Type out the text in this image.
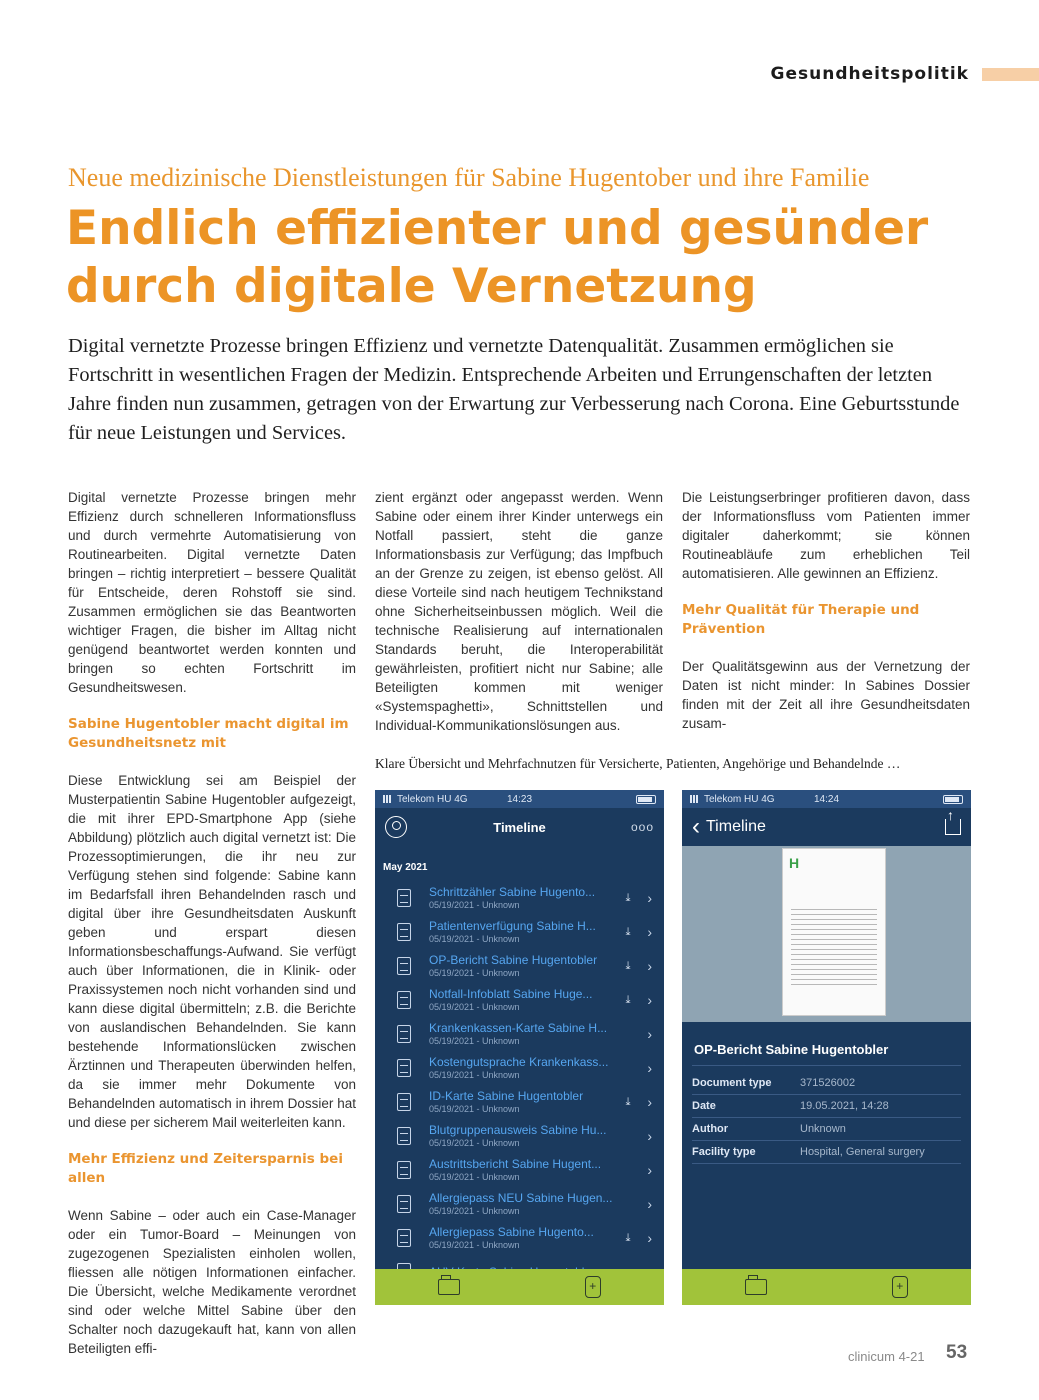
Gesundheitspolitik
Neue medizinische Dienstleistungen für Sabine Hugentober und ihre Familie
Endlich effizienter und gesünder
durch digitale Vernetzung

Digital vernetzte Prozesse bringen Effizienz und vernetzte Datenqualität. Zusammen ermöglichen sie Fortschritt in wesentlichen Fragen der Medizin. Entsprechende Arbeiten und Errungenschaften der letzten Jahre finden nun zusammen, getragen von der Erwartung zur Verbesserung nach Corona. Eine Geburtsstunde für neue Leistungen und Services.

Digital vernetzte Prozesse bringen mehr Effizienz durch schnelleren Informationsfluss und durch vermehrte Automatisierung von Routinearbeiten. Digital vernetzte Daten bringen – richtig interpretiert – bessere Qualität für Entscheide, deren Rohstoff sie sind. Zusammen ermöglichen sie das Beantworten wichtiger Fragen, die bisher im Alltag nicht genügend beantwortet werden konnten und bringen so echten Fortschritt im Gesundheitswesen.

Sabine Hugentobler macht digital im Gesundheitsnetz mit

Diese Entwicklung sei am Beispiel der Musterpatientin Sabine Hugentobler aufgezeigt, die mit ihrer EPD-Smartphone App (siehe Abbildung) plötzlich auch digital vernetzt ist: Die Prozessoptimierungen, die ihr neu zur Verfügung stehen sind folgende: Sabine kann im Bedarfsfall ihren Behandelnden rasch und digital über ihre Gesundheitsdaten Auskunft geben und erspart diesen Informationsbeschaffungs-Aufwand. Sie verfügt auch über Informationen, die in Klinik- oder Praxissystemen noch nicht vorhanden sind und kann diese digital übermitteln; z.B. die Berichte von auslandischen Behandelnden. Sie kann bestehende Informationslücken zwischen Ärztinnen und Therapeuten überwinden helfen, da sie immer mehr Dokumente von Behandelnden automatisch in ihrem Dossier hat und diese per sicherem Mail weiterleiten kann.

Mehr Effizienz und Zeitersparnis bei allen

Wenn Sabine – oder auch ein Case-Manager oder ein Tumor-Board – Meinungen von zugezogenen Spezialisten einholen wollen, fliessen alle nötigen Informationen einfacher. Die Übersicht, welche Medikamente verordnet sind oder welche Mittel Sabine über den Schalter noch dazugekauft hat, kann von allen Beteiligten effi-

zient ergänzt oder angepasst werden. Wenn Sabine oder einem ihrer Kinder unterwegs ein Notfall passiert, steht die ganze Informationsbasis zur Verfügung; das Impfbuch an der Grenze zu zeigen, ist ebenso gelöst. All diese Vorteile sind nach heutigem Technikstand ohne Sicherheitseinbussen möglich. Weil die technische Realisierung auf internationalen Standards beruht, die Interoperabilität gewährleisten, profitiert nicht nur Sabine; alle Beteiligten kommen mit weniger «Systemspaghetti», Schnittstellen und Individual-Kommunikationslösungen aus.

Die Leistungserbringer profitieren davon, dass der Informationsfluss vom Patienten immer digitaler daherkommt; sie können Routineabläufe zum erheblichen Teil automatisieren. Alle gewinnen an Effizienz.

Mehr Qualität für Therapie und Prävention

Der Qualitätsgewinn aus der Vernetzung der Daten ist nicht minder: In Sabines Dossier finden mit der Zeit all ihre Gesundheitsdaten zusam-

Klare Übersicht und Mehrfachnutzen für Versicherte, Patienten, Angehörige und Behandelnde …
Telekom HU 4G	14:23
Timeline	ooo
May 2021
Schrittzähler Sabine Hugento...
05/19/2021 - Unknown
⤓	›
Patientenverfügung Sabine H...
05/19/2021 - Unknown
⤓	›
OP-Bericht Sabine Hugentobler
05/19/2021 - Unknown
⤓	›
Notfall-Infoblatt Sabine Huge...
05/19/2021 - Unknown
⤓	›
Krankenkassen-Karte Sabine H...
05/19/2021 - Unknown	›
Kostengutsprache Krankenkass...
05/19/2021 - Unknown	›
ID-Karte Sabine Hugentobler
05/19/2021 - Unknown
⤓	›
Blutgruppenausweis Sabine Hu...
05/19/2021 - Unknown	›
Austrittsbericht Sabine Hugent...
05/19/2021 - Unknown	›
Allergiepass NEU Sabine Hugen...
05/19/2021 - Unknown	›
Allergiepass Sabine Hugento...
05/19/2021 - Unknown
⤓	›
+
Telekom HU 4G	14:24
‹ Timeline
↑
H
OP-Bericht Sabine Hugentobler
Document type	371526002
Date	19.05.2021, 14:28
Author	Unknown
Facility type	Hospital, General surgery
+
clinicum 4-21 53
